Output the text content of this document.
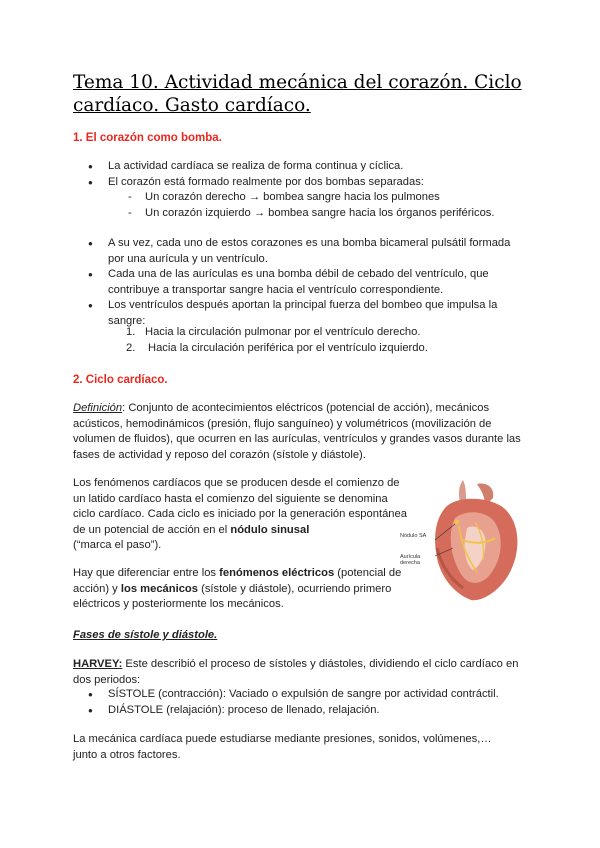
Tema 10. Actividad mecánica del corazón. Ciclo cardíaco. Gasto cardíaco.
1. El corazón como bomba.
● La actividad cardíaca se realiza de forma continua y cíclica.
● El corazón está formado realmente por dos bombas separadas:
- Un corazón derecho → bombea sangre hacia los pulmones
- Un corazón izquierdo → bombea sangre hacia los órganos periféricos.
● A su vez, cada uno de estos corazones es una bomba bicameral pulsátil formada por una aurícula y un ventrículo.
● Cada una de las aurículas es una bomba débil de cebado del ventrículo, que contribuye a transportar sangre hacia el ventrículo correspondiente.
● Los ventrículos después aportan la principal fuerza del bombeo que impulsa la sangre:
1. Hacia la circulación pulmonar por el ventrículo derecho.
2. Hacia la circulación periférica por el ventrículo izquierdo.
2. Ciclo cardíaco.

Definición: Conjunto de acontecimientos eléctricos (potencial de acción), mecánicos acústicos, hemodinámicos (presión, flujo sanguíneo) y volumétricos (movilización de volumen de fluidos), que ocurren en las aurículas, ventrículos y grandes vasos durante las fases de actividad y reposo del corazón (sístole y diástole).

Los fenómenos cardíacos que se producen desde el comienzo de un latido cardíaco hasta el comienzo del siguiente se denomina ciclo cardíaco. Cada ciclo es iniciado por la generación espontánea de un potencial de acción en el nódulo sinusal
(“marca el paso”).

Hay que diferenciar entre los fenómenos eléctricos (potencial de acción) y los mecánicos (sístole y diástole), ocurriendo primero eléctricos y posteriormente los mecánicos.

Nódulo SA
Aurícula derecha
Fases de sístole y diástole.

HARVEY: Este describió el proceso de sístoles y diástoles, dividiendo el ciclo cardíaco en dos periodos:

● SÍSTOLE (contracción): Vaciado o expulsión de sangre por actividad contráctil.
● DIÁSTOLE (relajación): proceso de llenado, relajación.

La mecánica cardíaca puede estudiarse mediante presiones, sonidos, volúmenes,… junto a otros factores.
